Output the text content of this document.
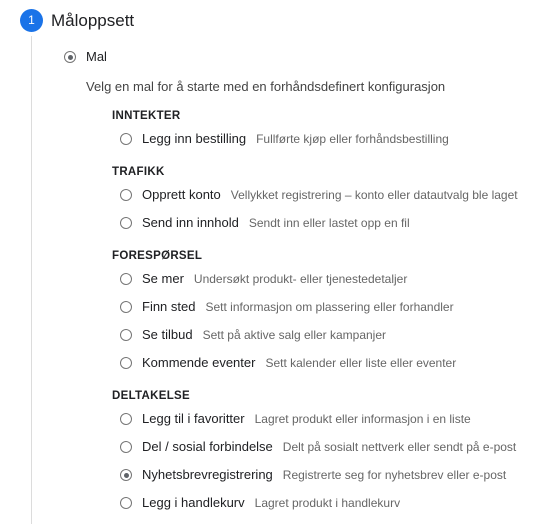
1 Måloppsett
Mal
Velg en mal for å starte med en forhåndsdefinert konfigurasjon
INNTEKTER
Legg inn bestilling Fullførte kjøp eller forhåndsbestilling
TRAFIKK
Opprett konto Vellykket registrering – konto eller datautvalg ble laget
Send inn innhold Sendt inn eller lastet opp en fil
FORESPØRSEL
Se mer Undersøkt produkt- eller tjenestedetaljer
Finn sted Sett informasjon om plassering eller forhandler
Se tilbud Sett på aktive salg eller kampanjer
Kommende eventer Sett kalender eller liste eller eventer
DELTAKELSE
Legg til i favoritter Lagret produkt eller informasjon i en liste
Del / sosial forbindelse Delt på sosialt nettverk eller sendt på e-post
Nyhetsbrevregistrering Registrerte seg for nyhetsbrev eller e-post
Legg i handlekurv Lagret produkt i handlekurv
